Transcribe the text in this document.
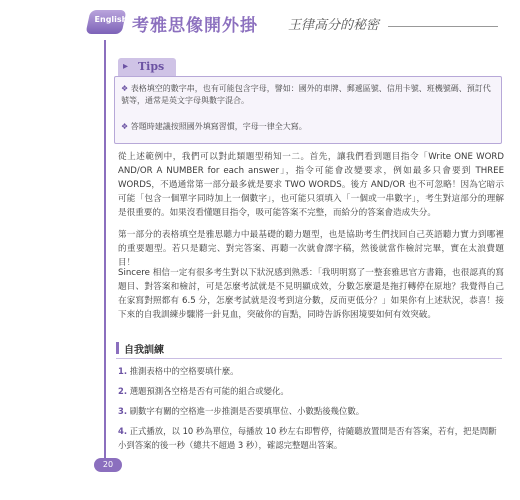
English 考雅思像開外掛 王律高分的秘密
▸ Tips
❖ 表格填空的數字串，也有可能包含字母，譬如：國外的車牌、郵遞區號、信用卡號、班機號碼、預訂代號等，通常是英文字母與數字混合。
❖ 答題時建議按照國外填寫習慣，字母一律全大寫。
從上述範例中，我們可以對此類題型稍知一二。首先，讓我們看到題目指令「Write ONE WORD AND/OR A NUMBER for each answer」，指令可能會改變要求，例如最多只會要到 THREE WORDS，不過通常第一部分最多就是要求 TWO WORDS。後方 AND/OR 也不可忽略！因為它暗示可能「包含一個單字同時加上一個數字」，也可能只須填入「一個或一串數字」，考生對這部分的理解是很重要的。如果沒看懂題目指令，吸可能答案不完整，而給分的答案會造成失分。
第一部分的表格填空是雅思聽力中最基礎的聽力題型，也是協助考生們找回自己英語聽力實力到哪裡的重要題型。若只是聽完、對完答案、再聽一次就會譯字稿，然後就當作檢討完畢，實在太浪費題目！
Sincere 相信一定有很多考生對以下狀況感到熟悉：「我明明寫了一整套雅思官方書籍，也很認真的寫題目、對答案和檢討，可是怎麼考試就是不見明顯成效，分數怎麼還是拖打轉停在原地？我覺得自己在家寫對照都有 6.5 分，怎麼考試就是沒考到這分數，反而更低分？」如果你有上述狀況，恭喜！接下來的自我訓練步驟將一針見血，突破你的盲點，同時告訴你困境要如何有效突破。
自我訓練
1. 推測表格中的空格要填什麼。
2. 選題預測各空格是否有可能的組合或變化。
3. 刷數字有關的空格進一步推測是否要填單位、小數點後幾位數。
4. 正式播放，以 10 秒為單位，每播放 10 秒左右即暫停，待隨聽放置間是否有答案，若有，把是間斷小到答案的後一秒（總共不超過 3 秒），確認完整題出答案。
20
